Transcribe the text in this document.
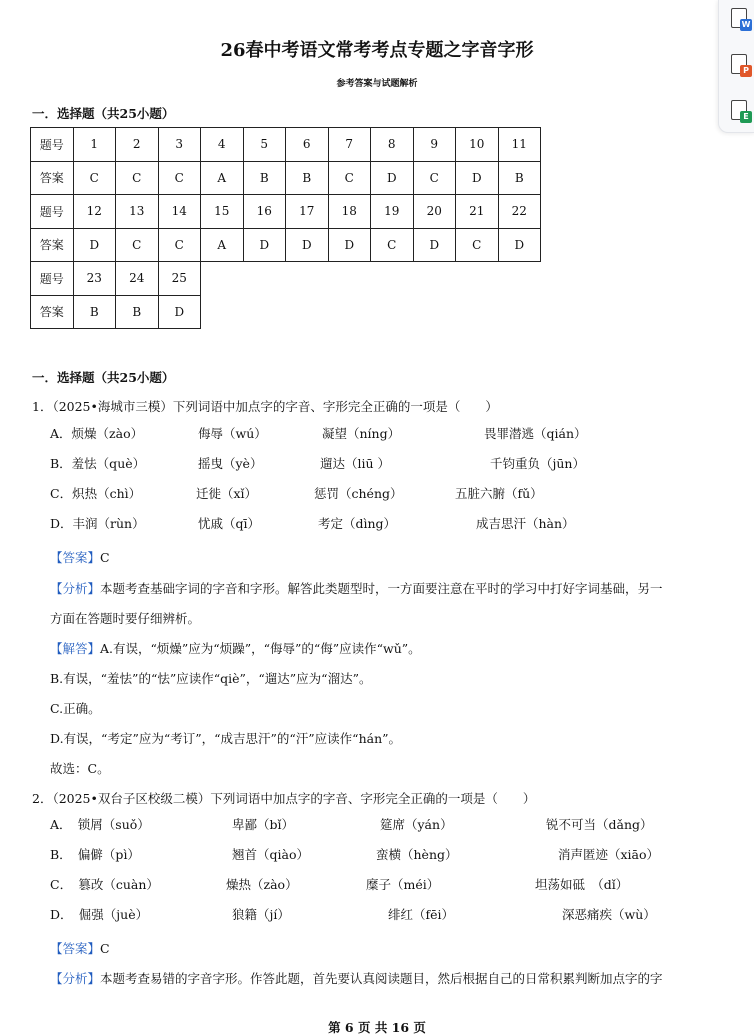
26春中考语文常考考点专题之字音字形
参考答案与试题解析
一．选择题（共25小题）
题号	1	2	3	4	5	6	7	8	9	10	11
答案	C	C	C	A	B	B	C	D	C	D	B
题号	12	13	14	15	16	17	18	19	20	21	22
答案	D	C	C	A	D	D	D	C	D	C	D
题号	23	24	25								
答案	B	B	D								
一．选择题（共25小题）
1．（2025•海城市三模）下列词语中加点字的字音、字形完全正确的一项是（　　）
A．烦燥（zào）	侮辱（wú）	凝望（níng）	畏罪潜逃（qián）
B．羞怯（què）	摇曳（yè）	遛达（liū ）	千钧重负（jūn）
C．炽热（chì）	迁徙（xǐ）	惩罚（chéng）	五脏六腑（fǔ）
D．丰润（rùn）	忧戚（qī）	考定（dìng）	成吉思汗（hàn）
【答案】C
【分析】本题考查基础字词的字音和字形。解答此类题型时，一方面要注意在平时的学习中打好字词基础，另一
方面在答题时要仔细辨析。
【解答】A.有误，“烦燥”应为“烦躁”，“侮辱”的“侮”应读作“wǔ”。
B.有误，“羞怯”的“怯”应读作“qiè”，“遛达”应为“溜达”。
C.正确。
D.有误，“考定”应为“考订”，“成吉思汗”的“汗”应读作“hán”。
故选：C。
2．（2025•双台子区校级二模）下列词语中加点字的字音、字形完全正确的一项是（　　）
A．　锁屑（suǒ）	卑鄙（bǐ）	筵席（yán）	锐不可当（dǎng）
B．　偏僻（pì）	翘首（qiào）	蛮横（hèng）	消声匿迹（xiāo）
C．　篡改（cuàn）	燥热（zào）	糜子（méi）	坦荡如砥　（dǐ）
D．　倔强（juè）	狼籍（jí）	绯红（fēi）	深恶痛疾（wù）
【答案】C
【分析】本题考查易错的字音字形。作答此题，首先要认真阅读题目，然后根据自己的日常积累判断加点字的字
第 6 页 共 16 页
W
P
E
